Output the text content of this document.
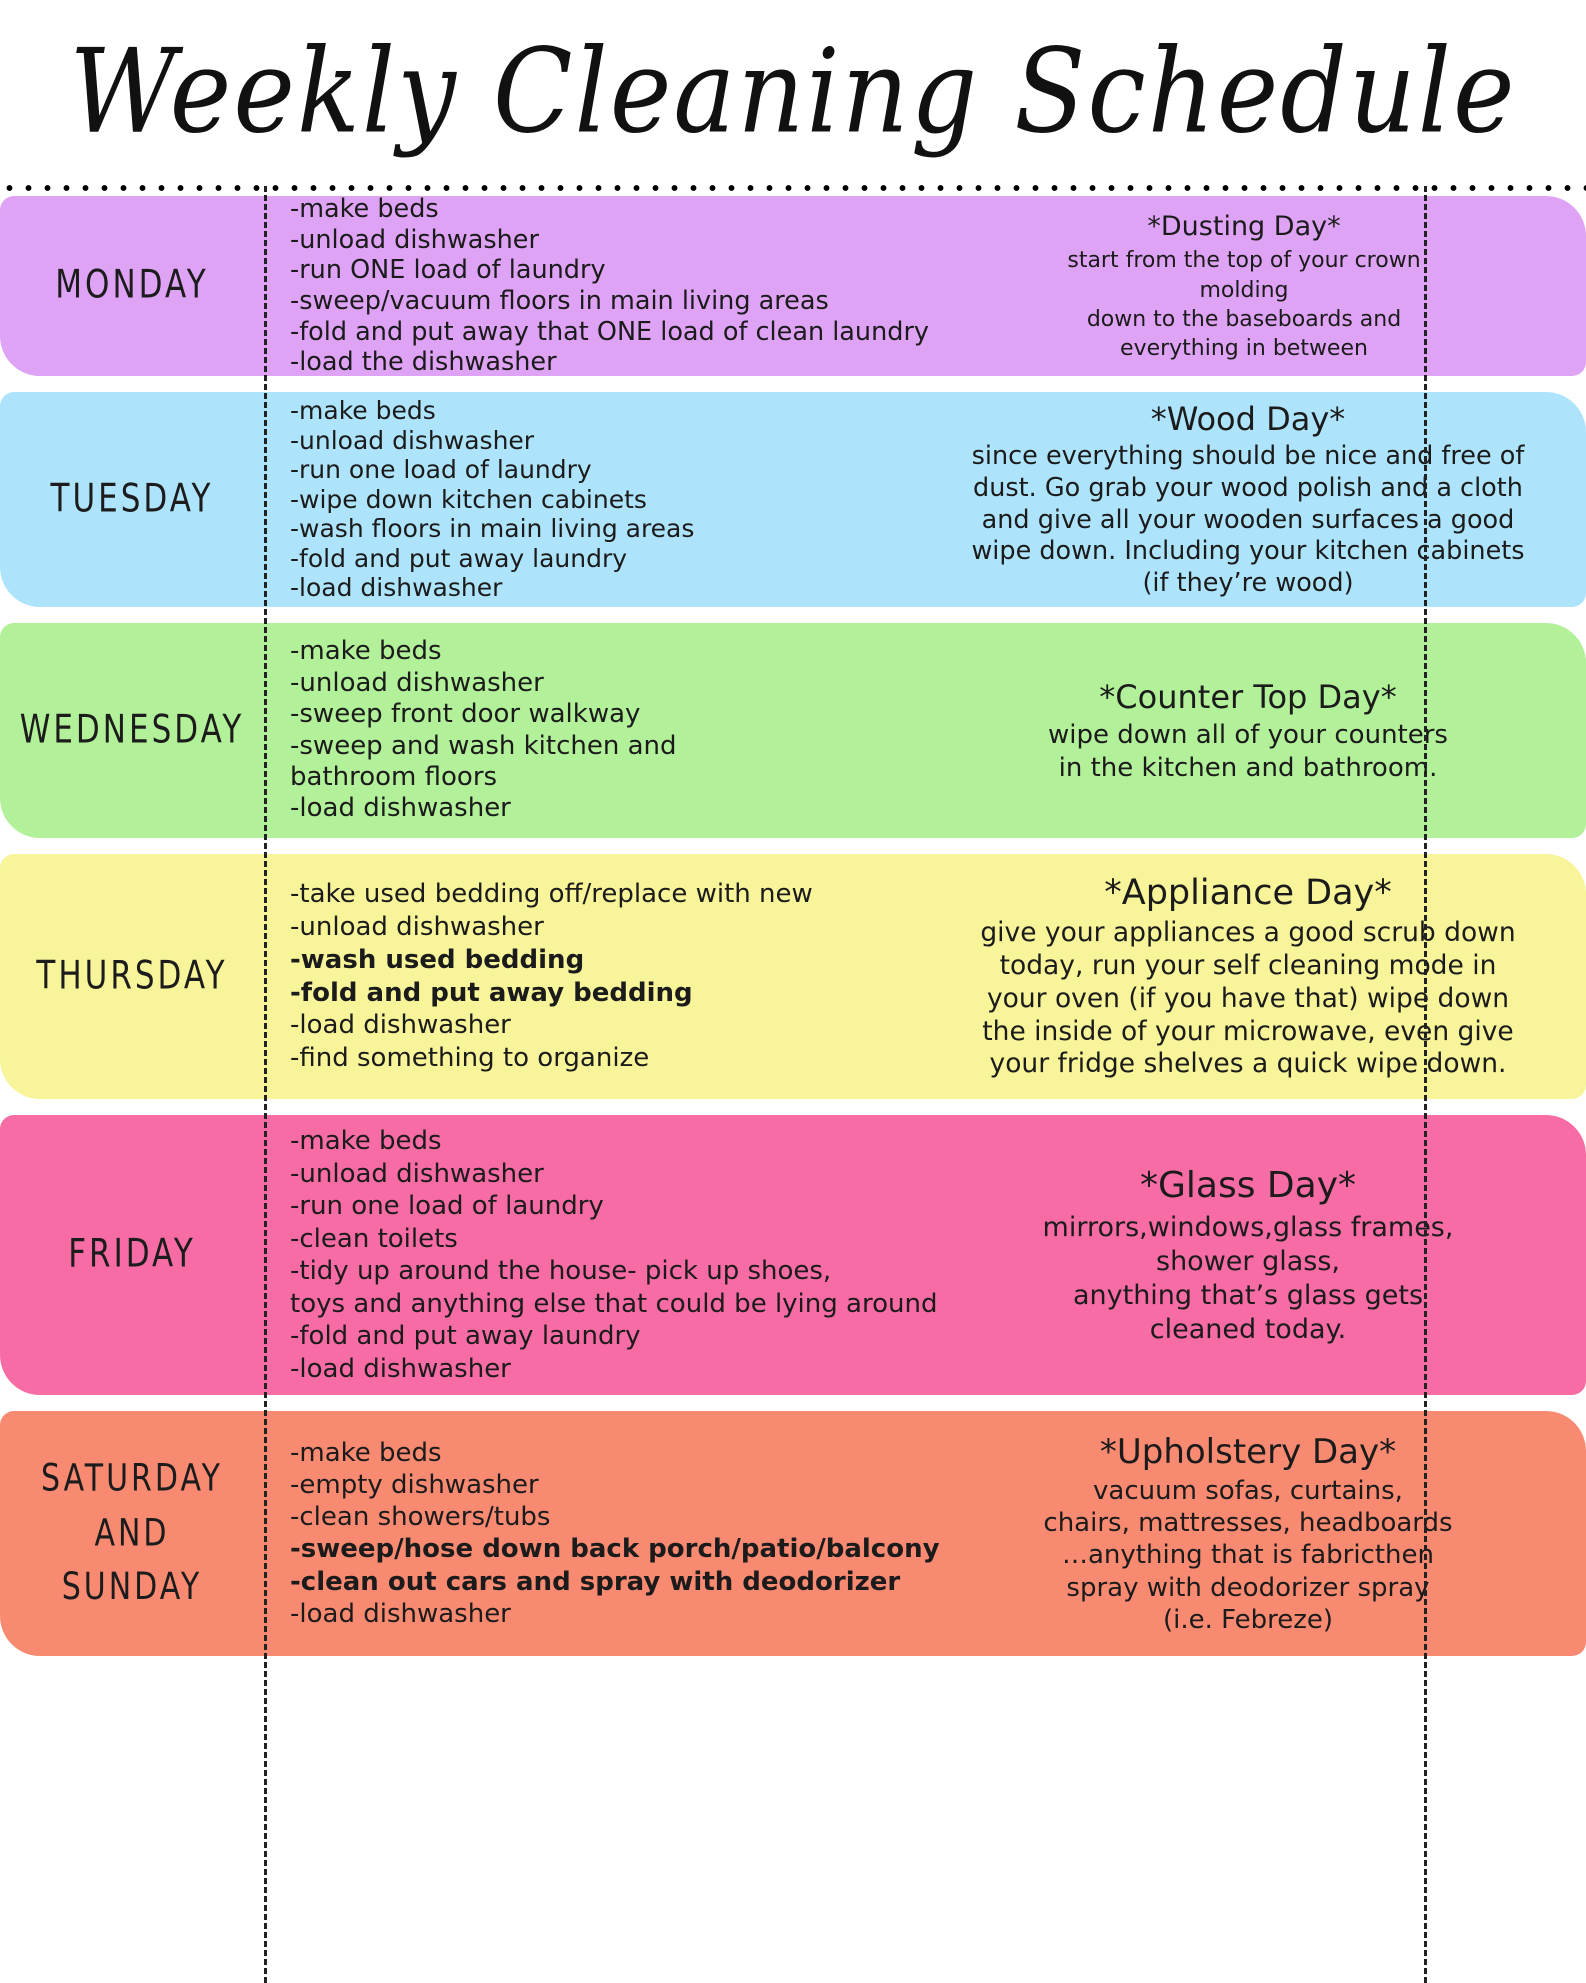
Weekly Cleaning Schedule
MONDAY
-make beds
-unload dishwasher
-run ONE load of laundry
-sweep/vacuum floors in main living areas
-fold and put away that ONE load of clean laundry
-load the dishwasher
*Dusting Day*
start from the top of your crown
molding
down to the baseboards and
everything in between
TUESDAY
-make beds
-unload dishwasher
-run one load of laundry
-wipe down kitchen cabinets
-wash floors in main living areas
-fold and put away laundry
-load dishwasher
*Wood Day*
since everything should be nice and free of
dust. Go grab your wood polish and a cloth
and give all your wooden surfaces a good
wipe down. Including your kitchen cabinets
(if they’re wood)
WEDNESDAY
-make beds
-unload dishwasher
-sweep front door walkway
-sweep and wash kitchen and
bathroom floors
-load dishwasher
*Counter Top Day*
wipe down all of your counters
in the kitchen and bathroom.
THURSDAY
-take used bedding off/replace with new
-unload dishwasher
-wash used bedding
-fold and put away bedding
-load dishwasher
-find something to organize
*Appliance Day*
give your appliances a good scrub down
today, run your self cleaning mode in
your oven (if you have that) wipe down
the inside of your microwave, even give
your fridge shelves a quick wipe down.
FRIDAY
-make beds
-unload dishwasher
-run one load of laundry
-clean toilets
-tidy up around the house- pick up shoes,
toys and anything else that could be lying around
-fold and put away laundry
-load dishwasher
*Glass Day*
mirrors,windows,glass frames,
shower glass,
anything that’s glass gets
cleaned today.
SATURDAY
AND
SUNDAY
-make beds
-empty dishwasher
-clean showers/tubs
-sweep/hose down back porch/patio/balcony
-clean out cars and spray with deodorizer
-load dishwasher
*Upholstery Day*
vacuum sofas, curtains,
chairs, mattresses, headboards
…anything that is fabricthen
spray with deodorizer spray
(i.e. Febreze)
